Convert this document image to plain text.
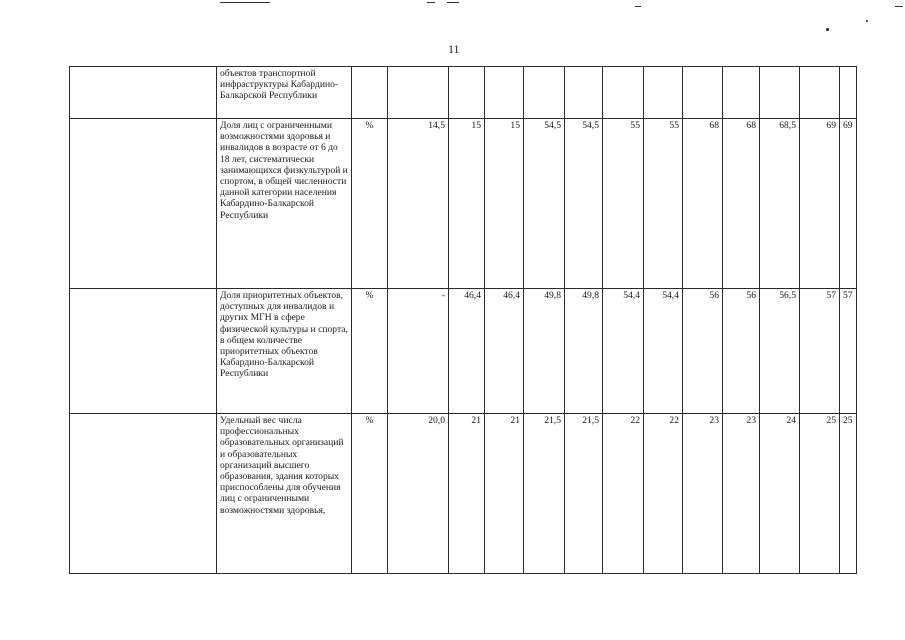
11
	объектов транспортной инфраструктуры Кабардино-Балкарской Республики													
	Доля лиц с ограниченными возможностями здоровья и инвалидов в возрасте от 6 до 18 лет, систематически занимающихся физкультурой и спортом, в общей численности данной категории населения Кабардино-Балкарской Республики	%	14,5	15	15	54,5	54,5	55	55	68	68	68,5	69	69
	Доля приоритетных объектов, доступных для инвалидов и других МГН в сфере физической культуры и спорта, в общем количестве приоритетных объектов Кабардино-Балкарской Республики	%	-	46,4	46,4	49,8	49,8	54,4	54,4	56	56	56,5	57	57
	Удельный вес числа профессиональных образовательных организаций и образовательных организаций высшего образования, здания которых приспособлены для обучения лиц с ограниченными возможностями здоровья,	%	20,0	21	21	21,5	21,5	22	22	23	23	24	25	25
